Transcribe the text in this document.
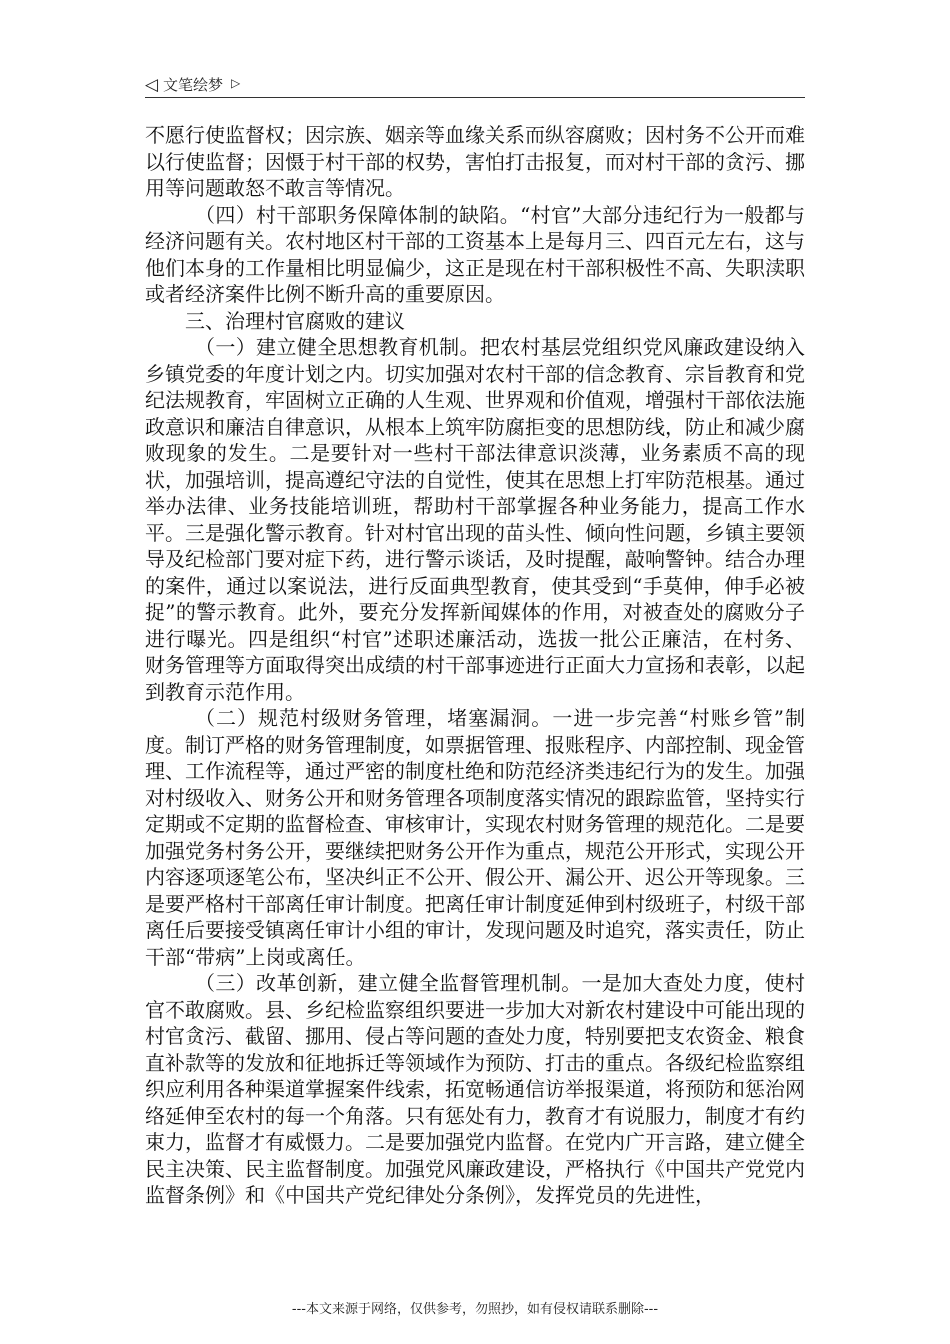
◁ 文笔绘梦 ▷

不愿行使监督权；因宗族、姻亲等血缘关系而纵容腐败；因村务不公开而难以行使监督；因慑于村干部的权势，害怕打击报复，而对村干部的贪污、挪用等问题敢怒不敢言等情况。

（四）村干部职务保障体制的缺陷。“村官”大部分违纪行为一般都与经济问题有关。农村地区村干部的工资基本上是每月三、四百元左右，这与他们本身的工作量相比明显偏少，这正是现在村干部积极性不高、失职渎职或者经济案件比例不断升高的重要原因。

三、治理村官腐败的建议

（一）建立健全思想教育机制。把农村基层党组织党风廉政建设纳入乡镇党委的年度计划之内。切实加强对农村干部的信念教育、宗旨教育和党纪法规教育，牢固树立正确的人生观、世界观和价值观，增强村干部依法施政意识和廉洁自律意识，从根本上筑牢防腐拒变的思想防线，防止和减少腐败现象的发生。二是要针对一些村干部法律意识淡薄，业务素质不高的现状，加强培训，提高遵纪守法的自觉性，使其在思想上打牢防范根基。通过举办法律、业务技能培训班，帮助村干部掌握各种业务能力，提高工作水平。三是强化警示教育。针对村官出现的苗头性、倾向性问题，乡镇主要领导及纪检部门要对症下药，进行警示谈话，及时提醒，敲响警钟。结合办理的案件，通过以案说法，进行反面典型教育，使其受到“手莫伸，伸手必被捉”的警示教育。此外，要充分发挥新闻媒体的作用，对被查处的腐败分子进行曝光。四是组织“村官”述职述廉活动，选拔一批公正廉洁，在村务、财务管理等方面取得突出成绩的村干部事迹进行正面大力宣扬和表彰，以起到教育示范作用。

（二）规范村级财务管理，堵塞漏洞。一进一步完善“村账乡管”制度。制订严格的财务管理制度，如票据管理、报账程序、内部控制、现金管理、工作流程等，通过严密的制度杜绝和防范经济类违纪行为的发生。加强对村级收入、财务公开和财务管理各项制度落实情况的跟踪监管，坚持实行定期或不定期的监督检查、审核审计，实现农村财务管理的规范化。二是要加强党务村务公开，要继续把财务公开作为重点，规范公开形式，实现公开内容逐项逐笔公布，坚决纠正不公开、假公开、漏公开、迟公开等现象。三是要严格村干部离任审计制度。把离任审计制度延伸到村级班子，村级干部离任后要接受镇离任审计小组的审计，发现问题及时追究，落实责任，防止干部“带病”上岗或离任。

（三）改革创新，建立健全监督管理机制。一是加大查处力度，使村官不敢腐败。县、乡纪检监察组织要进一步加大对新农村建设中可能出现的村官贪污、截留、挪用、侵占等问题的查处力度，特别要把支农资金、粮食直补款等的发放和征地拆迁等领域作为预防、打击的重点。各级纪检监察组织应利用各种渠道掌握案件线索，拓宽畅通信访举报渠道，将预防和惩治网络延伸至农村的每一个角落。只有惩处有力，教育才有说服力，制度才有约束力，监督才有威慑力。二是要加强党内监督。在党内广开言路，建立健全民主决策、民主监督制度。加强党风廉政建设，严格执行《中国共产党党内监督条例》和《中国共产党纪律处分条例》，发挥党员的先进性，

---本文来源于网络，仅供参考，勿照抄，如有侵权请联系删除---
